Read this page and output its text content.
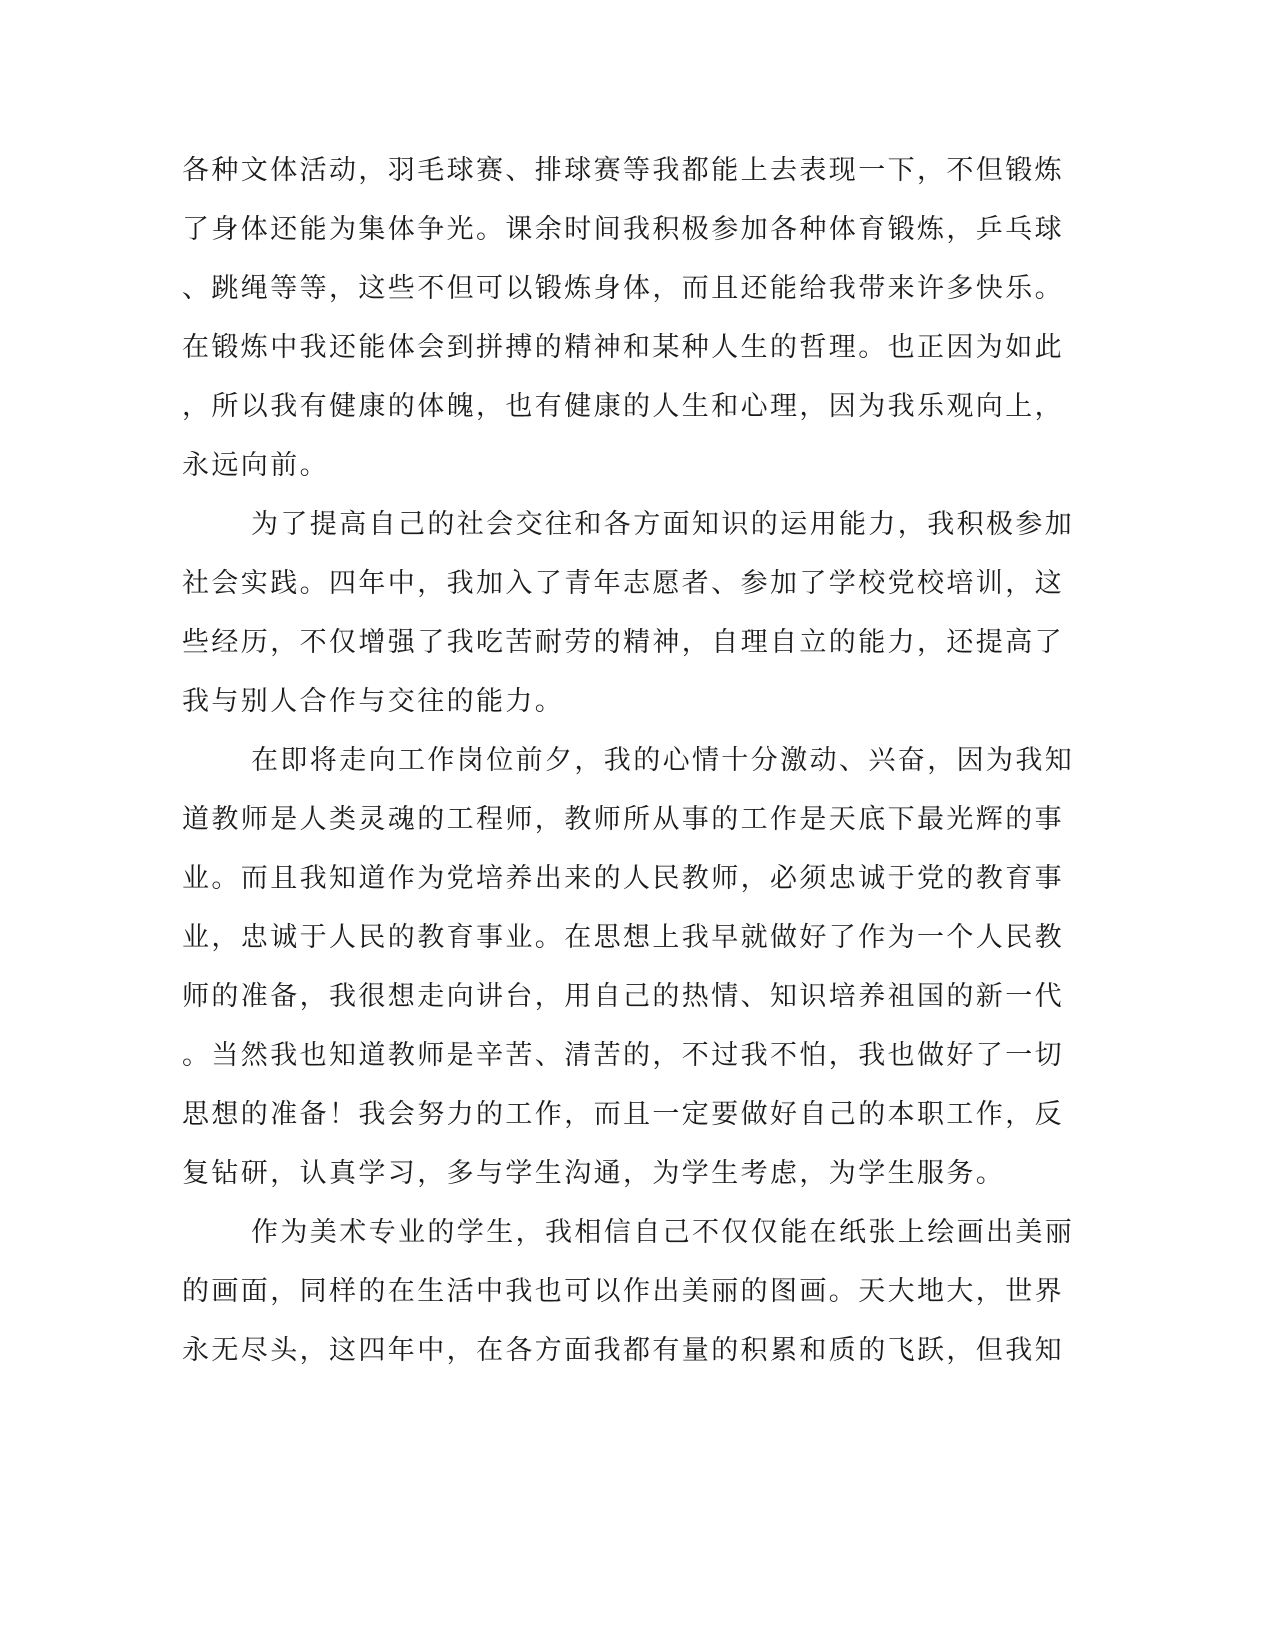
各种文体活动，羽毛球赛、排球赛等我都能上去表现一下，不但锻炼
了身体还能为集体争光。课余时间我积极参加各种体育锻炼，乒乓球
、跳绳等等，这些不但可以锻炼身体，而且还能给我带来许多快乐。
在锻炼中我还能体会到拼搏的精神和某种人生的哲理。也正因为如此
，所以我有健康的体魄，也有健康的人生和心理，因为我乐观向上，
永远向前。
为了提高自己的社会交往和各方面知识的运用能力，我积极参加
社会实践。四年中，我加入了青年志愿者、参加了学校党校培训，这
些经历，不仅增强了我吃苦耐劳的精神，自理自立的能力，还提高了
我与别人合作与交往的能力。
在即将走向工作岗位前夕，我的心情十分激动、兴奋，因为我知
道教师是人类灵魂的工程师，教师所从事的工作是天底下最光辉的事
业。而且我知道作为党培养出来的人民教师，必须忠诚于党的教育事
业，忠诚于人民的教育事业。在思想上我早就做好了作为一个人民教
师的准备，我很想走向讲台，用自己的热情、知识培养祖国的新一代
。当然我也知道教师是辛苦、清苦的，不过我不怕，我也做好了一切
思想的准备！我会努力的工作，而且一定要做好自己的本职工作，反
复钻研，认真学习，多与学生沟通，为学生考虑，为学生服务。
作为美术专业的学生，我相信自己不仅仅能在纸张上绘画出美丽
的画面，同样的在生活中我也可以作出美丽的图画。天大地大，世界
永无尽头，这四年中，在各方面我都有量的积累和质的飞跃，但我知
